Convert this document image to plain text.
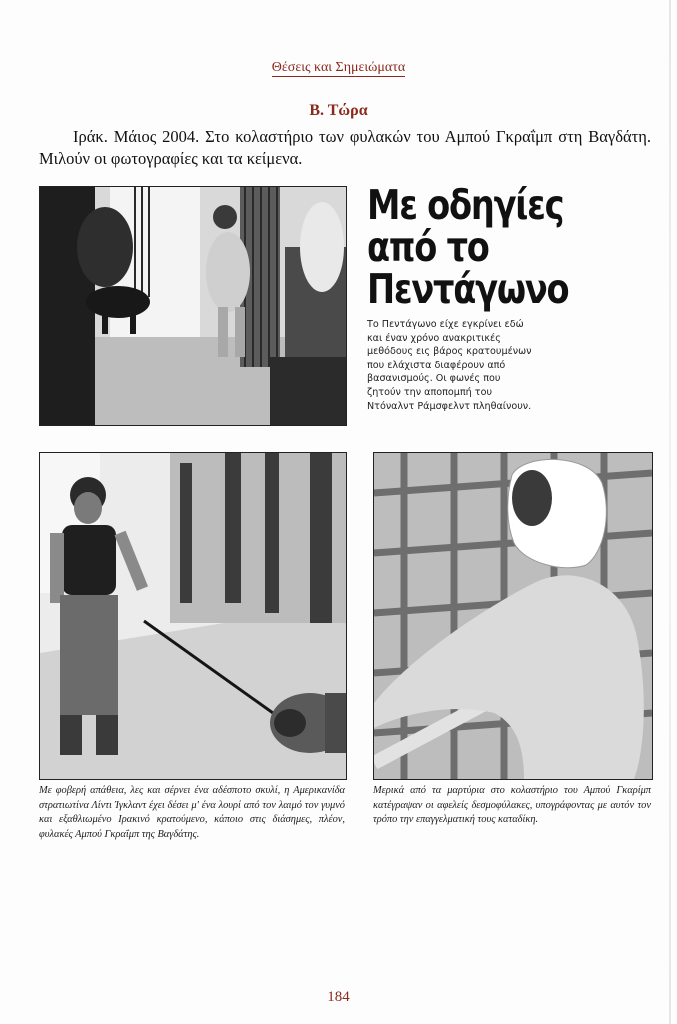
Θέσεις και Σημειώματα
Β. Τώρα
Ιράκ. Μάιος 2004. Στο κολαστήριο των φυλακών του Αμπού Γκραΐμπ στη Βαγδάτη. Μιλούν οι φωτογραφίες και τα κείμενα.
Με οδηγίες
από το
Πεντάγωνο
Το Πεντάγωνο είχε εγκρίνει εδώ
και έναν χρόνο ανακριτικές
μεθόδους εις βάρος κρατουμένων
που ελάχιστα διαφέρουν από
βασανισμούς. Οι φωνές που
ζητούν την αποπομπή του
Ντόναλντ Ράμσφελντ πληθαίνουν.
Με φοβερή απάθεια, λες και σέρνει ένα αδέσποτο σκυλί, η Αμερικανίδα στρατιωτίνα Λίντι Ίγκλαντ έχει δέσει μ' ένα λουρί από τον λαιμό τον γυμνό και εξαθλιωμένο Ιρακινό κρατούμενο, κάποιο στις διάσημες, πλέον, φυλακές Αμπού Γκραΐμπ της Βαγδάτης.
Μερικά από τα μαρτύρια στο κολαστήριο του Αμπού Γκαρίμπ κατέγραψαν οι αφελείς δεσμοφύλακες, υπογράφοντας με αυτόν τον τρόπο την επαγγελματική τους καταδίκη.
184
